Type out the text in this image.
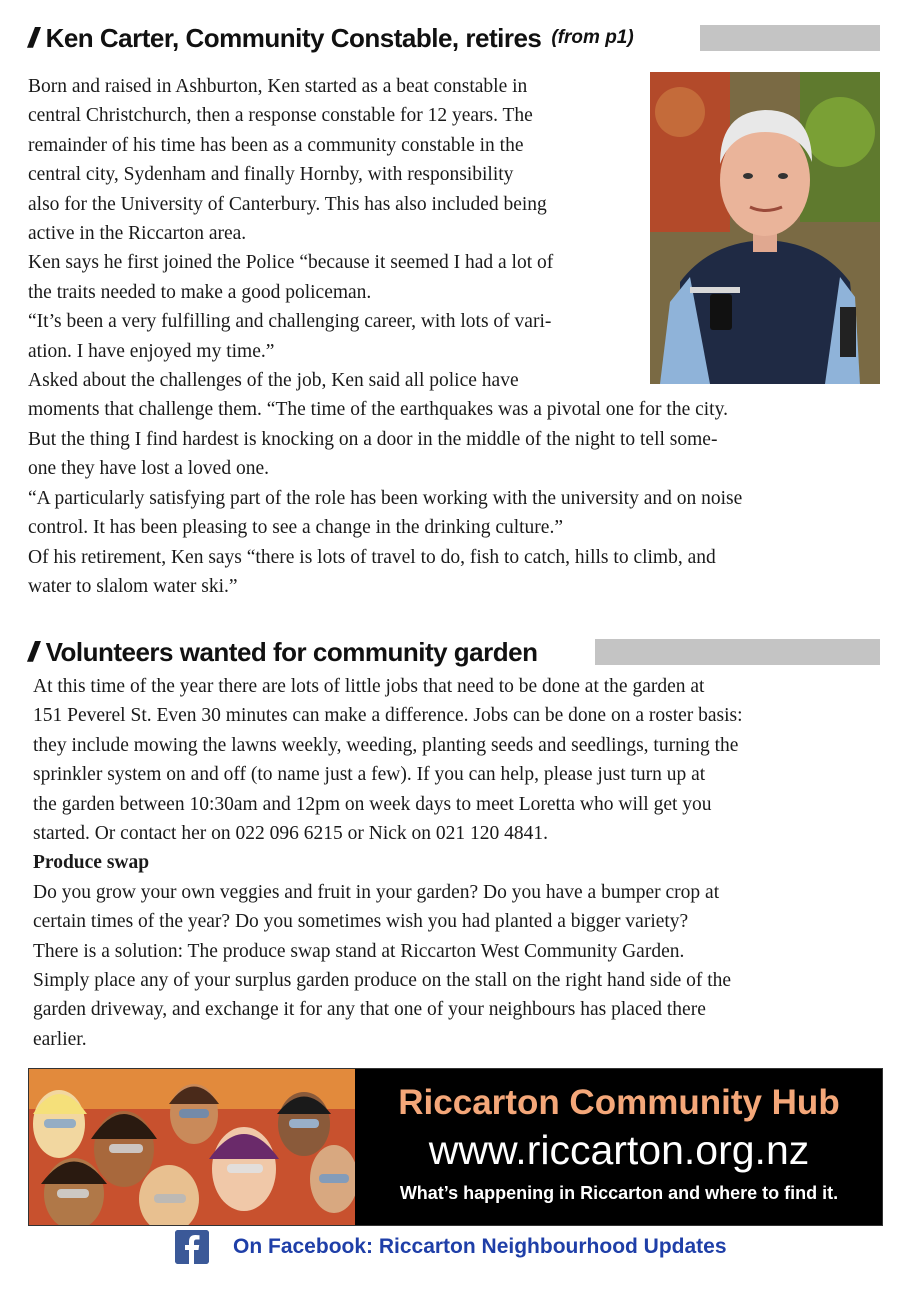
// Ken Carter, Community Constable, retires (from p1)

Born and raised in Ashburton, Ken started as a beat constable in

central Christchurch, then a response constable for 12 years. The

remainder of his time has been as a community constable in the

central city, Sydenham and finally Hornby, with responsibility

also for the University of Canterbury. This has also included being

active in the Riccarton area.

Ken says he first joined the Police “because it seemed I had a lot of

the traits needed to make a good policeman.

“It’s been a very fulfilling and challenging career, with lots of vari-

ation. I have enjoyed my time.”

Asked about the challenges of the job, Ken said all police have

moments that challenge them. “The time of the earthquakes was a pivotal one for the city.

But the thing I find hardest is knocking on a door in the middle of the night to tell some-

one they have lost a loved one.

“A particularly satisfying part of the role has been working with the university and on noise

control. It has been pleasing to see a change in the drinking culture.”

Of his retirement, Ken says “there is lots of travel to do, fish to catch, hills to climb, and

water to slalom water ski.”

// Volunteers wanted for community garden

At this time of the year there are lots of little jobs that need to be done at the garden at

151 Peverel St. Even 30 minutes can make a difference. Jobs can be done on a roster basis:

they include mowing the lawns weekly, weeding, planting seeds and seedlings, turning the

sprinkler system on and off (to name just a few). If you can help, please just turn up at

the garden between 10:30am and 12pm on week days to meet Loretta who will get you

started. Or contact her on 022 096 6215 or Nick on 021 120 4841.

Produce swap

Do you grow your own veggies and fruit in your garden? Do you have a bumper crop at

certain times of the year? Do you sometimes wish you had planted a bigger variety?

There is a solution: The produce swap stand at Riccarton West Community Garden.

Simply place any of your surplus garden produce on the stall on the right hand side of the

garden driveway, and exchange it for any that one of your neighbours has placed there

earlier.

Riccarton Community Hub
www.riccarton.org.nz
What’s happening in Riccarton and where to find it.
On Facebook: Riccarton Neighbourhood Updates
